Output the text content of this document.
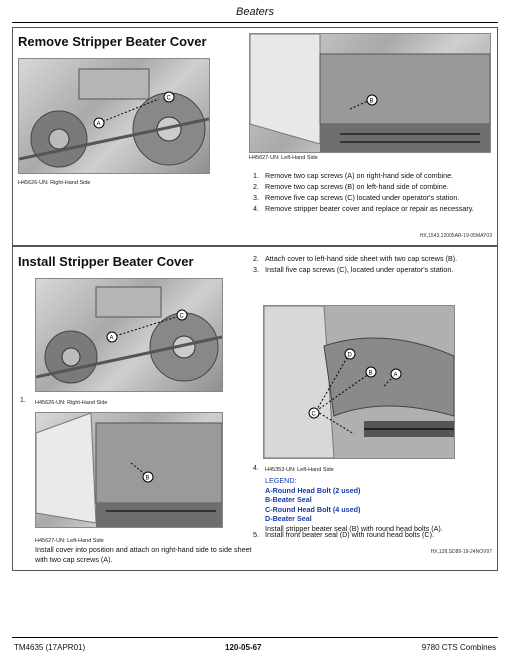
Beaters
Remove Stripper Beater Cover
A
C
H45626-UN: Right-Hand Side
B
H45627-UN: Left-Hand Side
1. Remove two cap screws (A) on right-hand side of combine.
2. Remove two cap screws (B) on left-hand side of combine.
3. Remove five cap screws (C) located under operator's station.
4. Remove stripper beater cover and replace or repair as necessary.
HX,1543,12005AR-19-05MAY03
Install Stripper Beater Cover
A
C
1. H45626-UN: Right-Hand Side
B
H45627-UN: Left-Hand Side
Install cover into position and attach on right-hand side to side sheet with two cap screws (A).
2. Attach cover to left-hand side sheet with two cap screws (B).
3. Install five cap screws (C), located under operator's station.
D
B	A
C
4. H45353-UN: Left-Hand Side
LEGEND:
A-Round Head Bolt (2 used)
B-Beater Seal
C-Round Head Bolt (4 used)
D-Beater Seal
Install stripper beater seal (B) with round head bolts (A).
5. Install front beater seal (D) with round head bolts (C).
HX,128,SD89-19-24NOV97
TM4635 (17APR01)	120-05-67	9780 CTS Combines
